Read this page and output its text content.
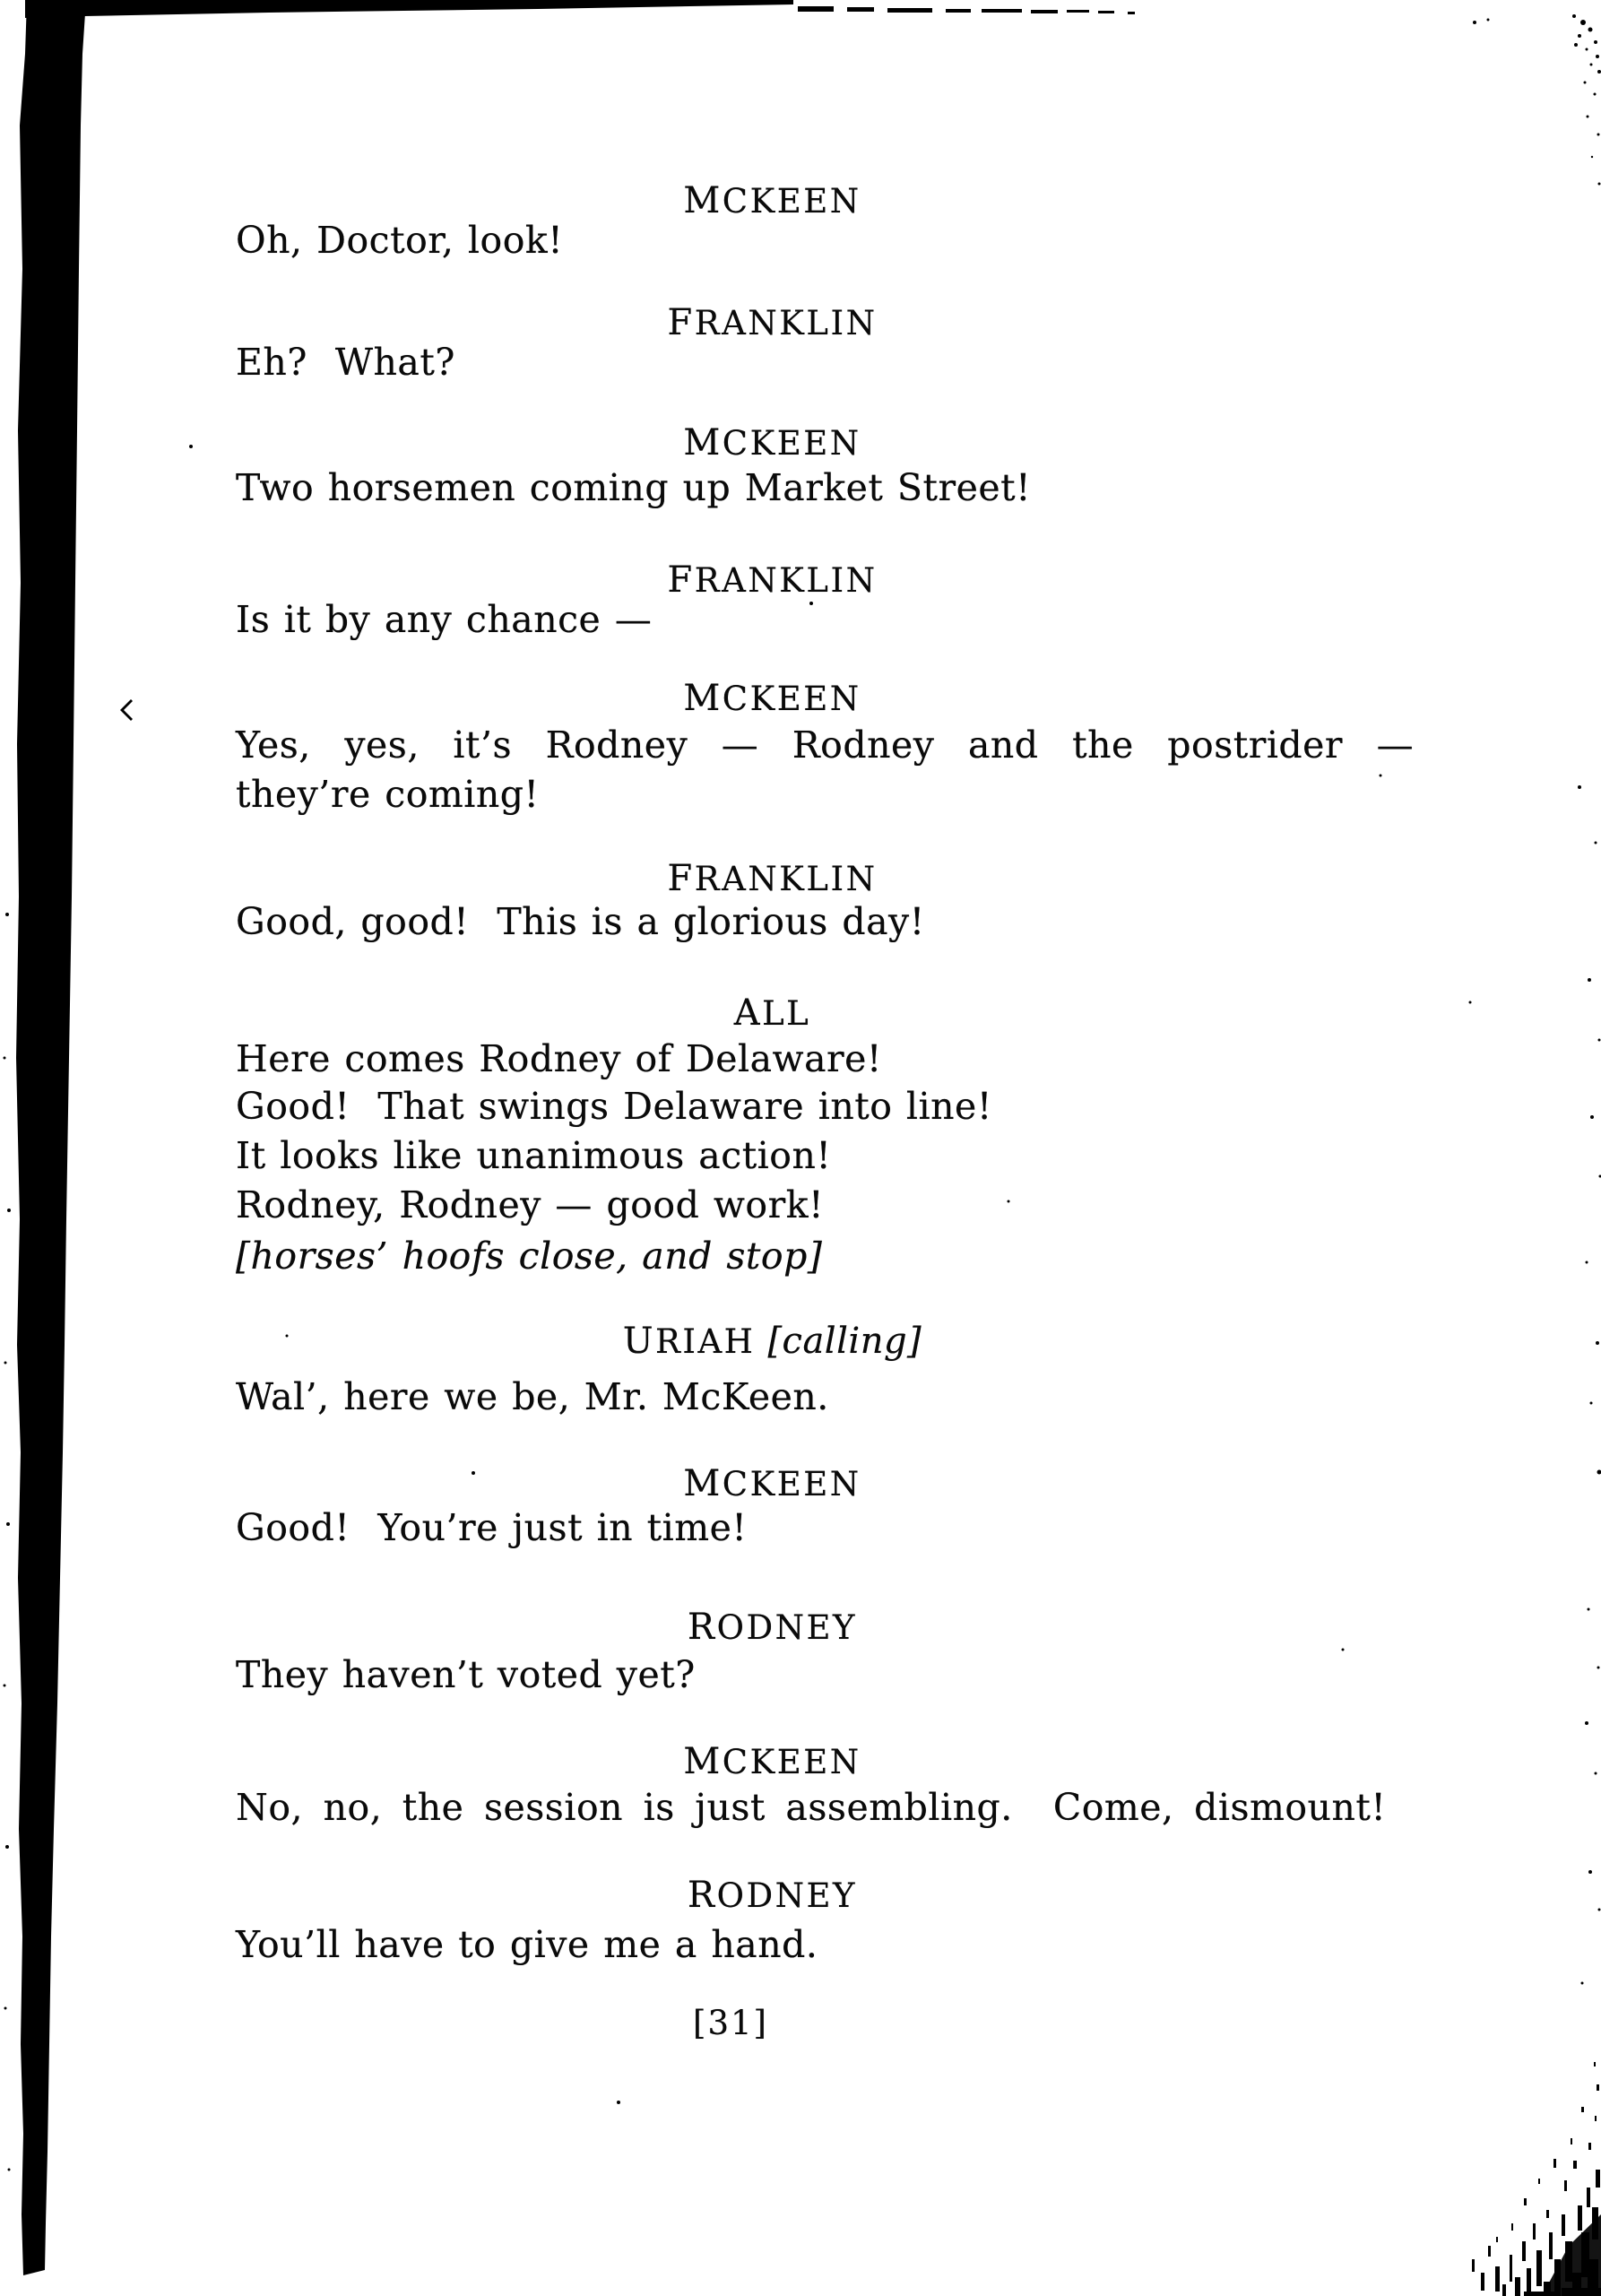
MCKEEN
Oh, Doctor, look!
FRANKLIN
Eh?  What?
MCKEEN
Two horsemen coming up Market Street!
FRANKLIN
Is it by any chance —
MCKEEN
Yes, yes, it’s Rodney — Rodney and the postrider —
they’re coming!
FRANKLIN
Good, good!  This is a glorious day!
ALL
Here comes Rodney of Delaware!
Good!  That swings Delaware into line!
It looks like unanimous action!
Rodney, Rodney — good work!
[horses’ hoofs close, and stop]
URIAH [calling]
Wal’, here we be, Mr. McKeen.
MCKEEN
Good!  You’re just in time!
RODNEY
They haven’t voted yet?
MCKEEN
No, no, the session is just assembling.  Come, dismount!
RODNEY
You’ll have to give me a hand.
[31]
